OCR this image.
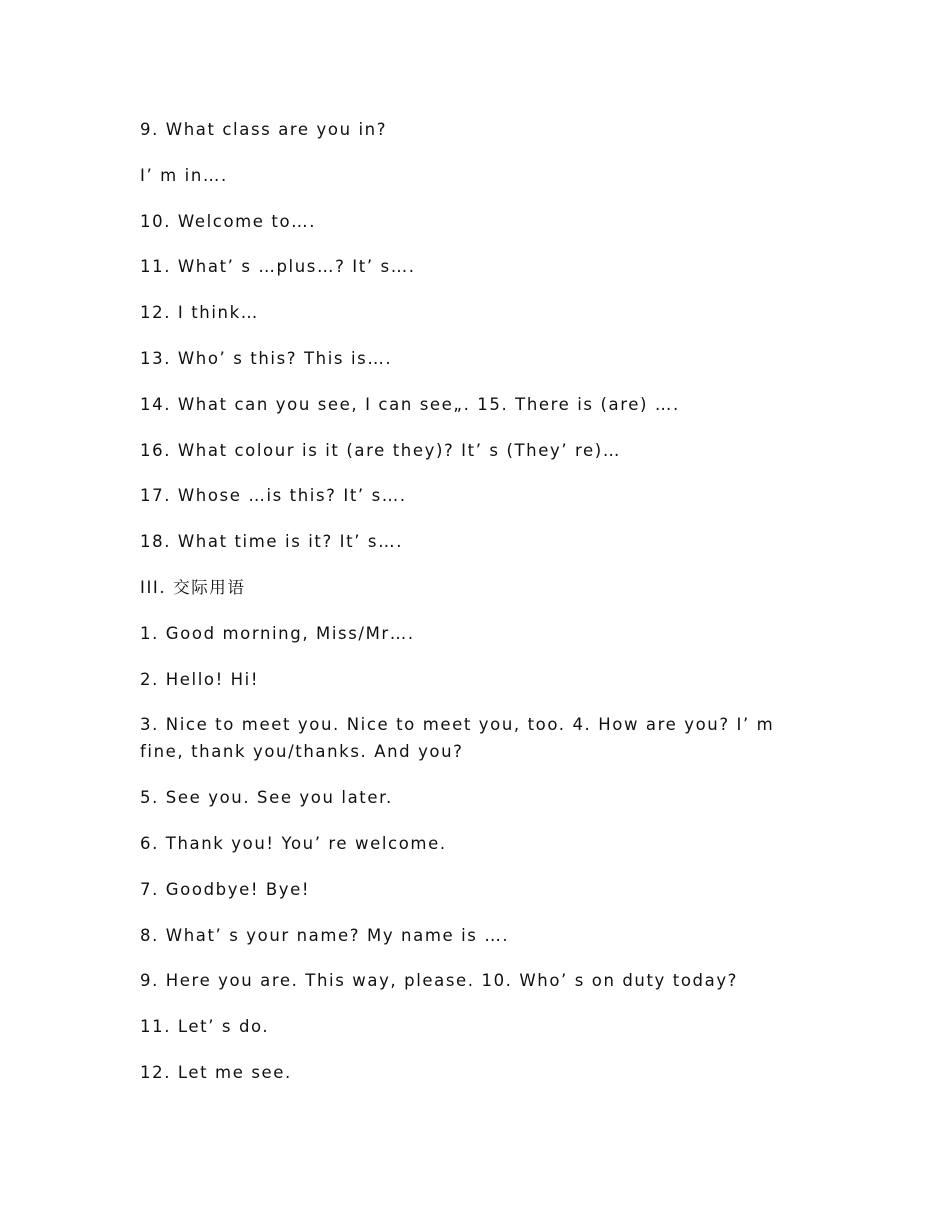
9. What class are you in?

I’ m in….

10. Welcome to….

11. What’ s …plus…? It’ s….

12. I think…

13. Who’ s this? This is….

14. What can you see, I can see„. 15. There is (are) ….

16. What colour is it (are they)? It’ s (They’ re)…

17. Whose …is this? It’ s….

18. What time is it? It’ s….

III. 交际用语

1. Good morning, Miss/Mr….

2. Hello! Hi!

3. Nice to meet you. Nice to meet you, too. 4. How are you? I’ m fine, thank you/thanks. And you?

5. See you. See you later.

6. Thank you! You’ re welcome.

7. Goodbye! Bye!

8. What’ s your name? My name is ….

9. Here you are. This way, please. 10. Who’ s on duty today?

11. Let’ s do.

12. Let me see.
